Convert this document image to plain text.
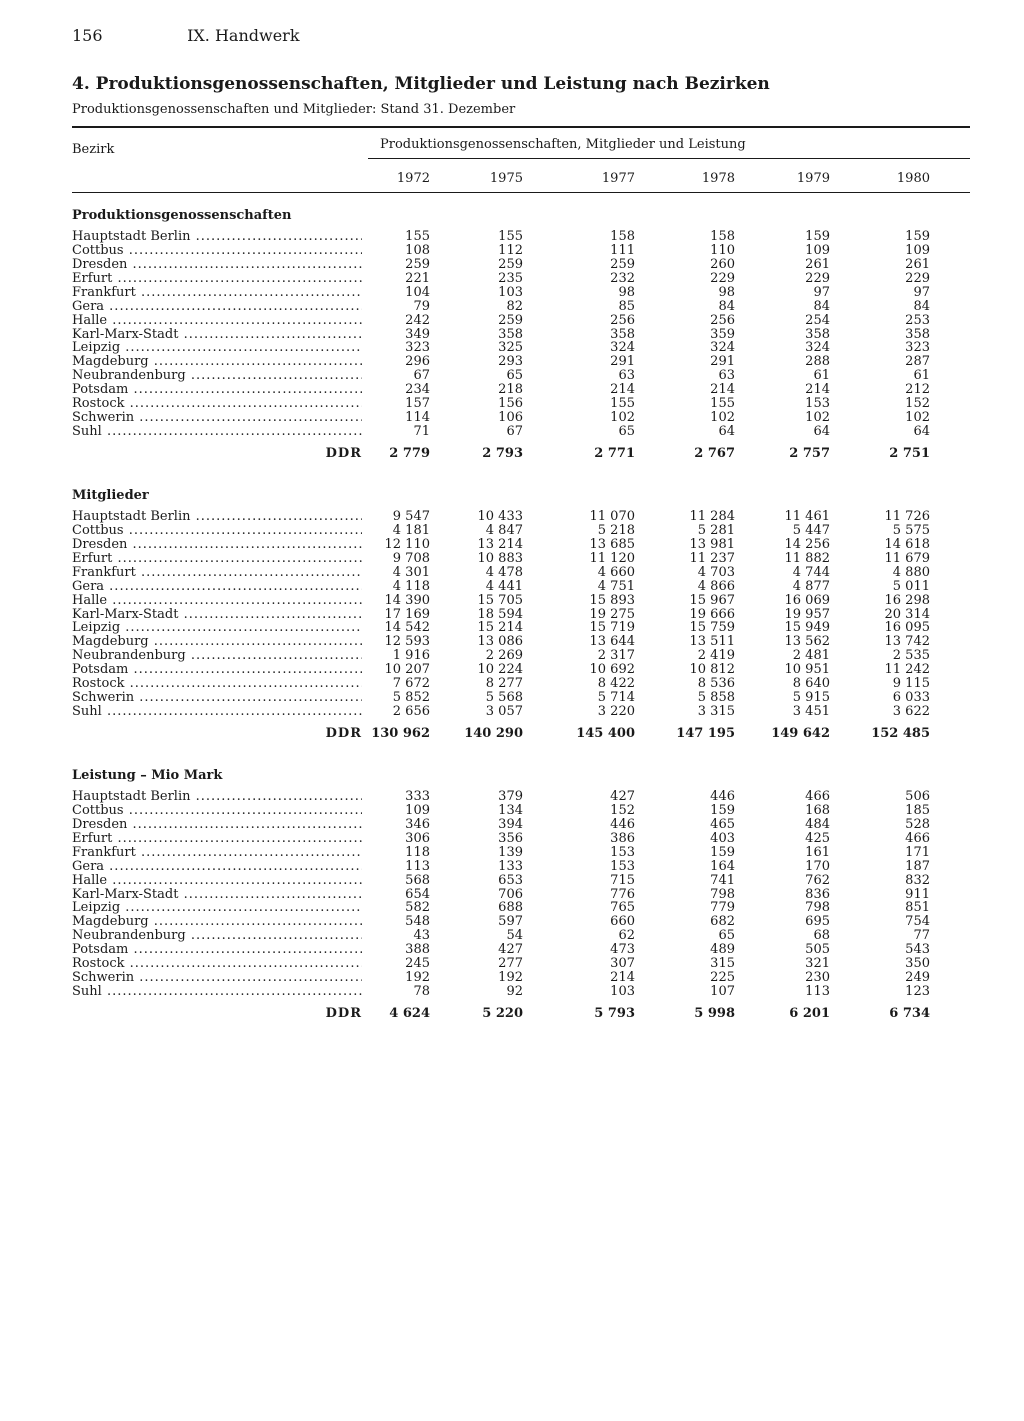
156	IX. Handwerk
4. Produktionsgenossenschaften, Mitglieder und Leistung nach Bezirken
Produktionsgenossenschaften und Mitglieder: Stand 31. Dezember
Bezirk	Produktionsgenossenschaften, Mitglieder und Leistung
1972	1975	1977	1978	1979	1980
Produktionsgenossenschaften
Hauptstadt Berlin .....	155	155	158	158	159	159
Cottbus .....	108	112	111	110	109	109
Dresden .....	259	259	259	260	261	261
Erfurt .....	221	235	232	229	229	229
Frankfurt .....	104	103	98	98	97	97
Gera .....	79	82	85	84	84	84
Halle .....	242	259	256	256	254	253
Karl-Marx-Stadt .....	349	358	358	359	358	358
Leipzig .....	323	325	324	324	324	323
Magdeburg .....	296	293	291	291	288	287
Neubrandenburg .....	67	65	63	63	61	61
Potsdam .....	234	218	214	214	214	212
Rostock .....	157	156	155	155	153	152
Schwerin .....	114	106	102	102	102	102
Suhl .....	71	67	65	64	64	64
DDR	2 779	2 793	2 771	2 767	2 757	2 751
Mitglieder
Hauptstadt Berlin .....	9 547	10 433	11 070	11 284	11 461	11 726
Cottbus .....	4 181	4 847	5 218	5 281	5 447	5 575
Dresden .....	12 110	13 214	13 685	13 981	14 256	14 618
Erfurt .....	9 708	10 883	11 120	11 237	11 882	11 679
Frankfurt .....	4 301	4 478	4 660	4 703	4 744	4 880
Gera .....	4 118	4 441	4 751	4 866	4 877	5 011
Halle .....	14 390	15 705	15 893	15 967	16 069	16 298
Karl-Marx-Stadt .....	17 169	18 594	19 275	19 666	19 957	20 314
Leipzig .....	14 542	15 214	15 719	15 759	15 949	16 095
Magdeburg .....	12 593	13 086	13 644	13 511	13 562	13 742
Neubrandenburg .....	1 916	2 269	2 317	2 419	2 481	2 535
Potsdam .....	10 207	10 224	10 692	10 812	10 951	11 242
Rostock .....	7 672	8 277	8 422	8 536	8 640	9 115
Schwerin .....	5 852	5 568	5 714	5 858	5 915	6 033
Suhl .....	2 656	3 057	3 220	3 315	3 451	3 622
DDR 130 962	140 290	145 400	147 195	149 642	152 485
Leistung – Mio Mark
Hauptstadt Berlin .....	333	379	427	446	466	506
Cottbus .....	109	134	152	159	168	185
Dresden .....	346	394	446	465	484	528
Erfurt .....	306	356	386	403	425	466
Frankfurt .....	118	139	153	159	161	171
Gera .....	113	133	153	164	170	187
Halle .....	568	653	715	741	762	832
Karl-Marx-Stadt .....	654	706	776	798	836	911
Leipzig .....	582	688	765	779	798	851
Magdeburg .....	548	597	660	682	695	754
Neubrandenburg .....	43	54	62	65	68	77
Potsdam .....	388	427	473	489	505	543
Rostock .....	245	277	307	315	321	350
Schwerin .....	192	192	214	225	230	249
Suhl .....	78	92	103	107	113	123
DDR	4 624	5 220	5 793	5 998	6 201	6 734
